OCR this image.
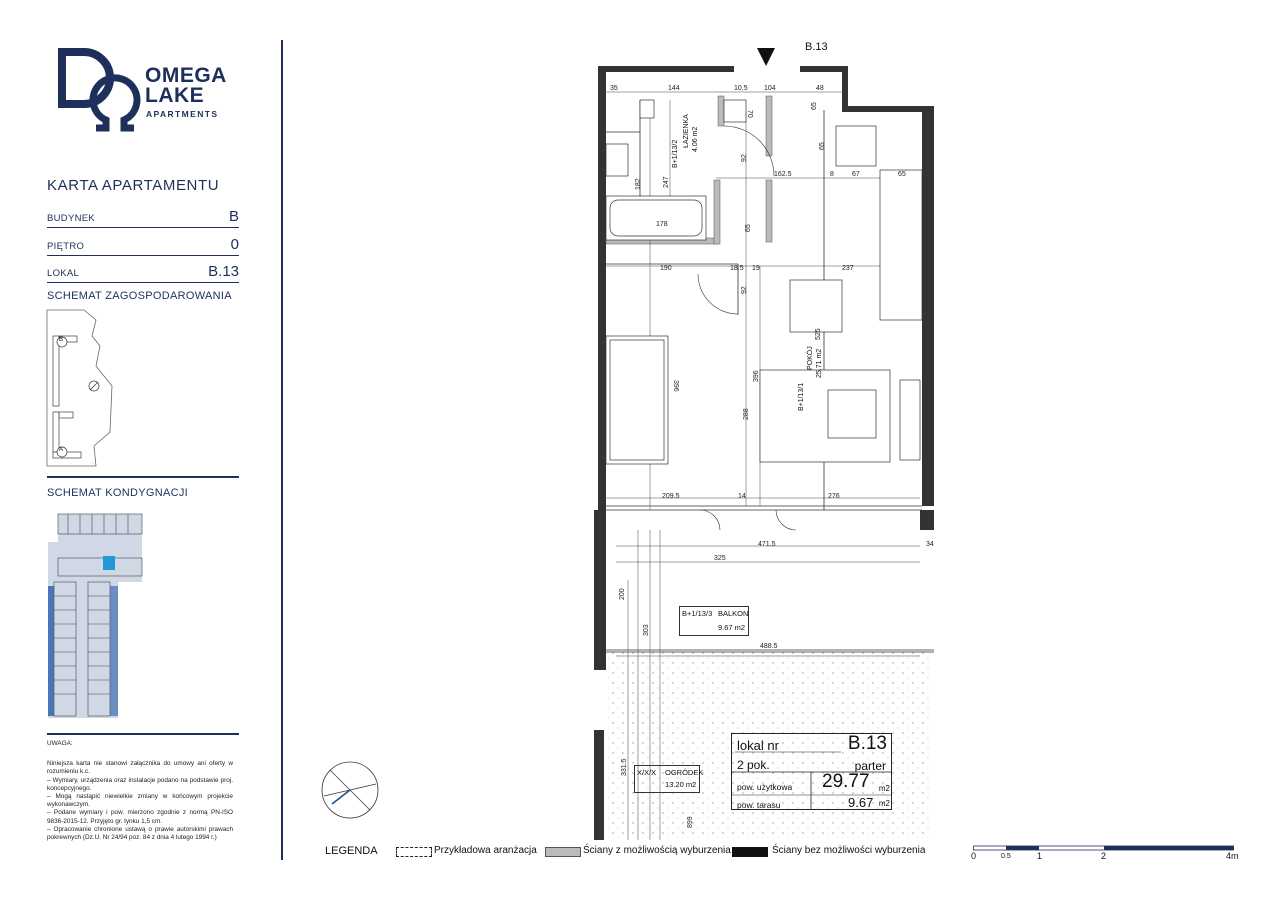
OMEGA
LAKE
APARTMENTS
KARTA APARTAMENTU
BUDYNEK	B
PIĘTRO	0
LOKAL	B.13
SCHEMAT ZAGOSPODAROWANIA
B
A
SCHEMAT KONDYGNACJI
UWAGA:
Niniejsza karta nie stanowi załącznika do umowy ani oferty w rozumieniu k.c.
– Wymiary, urządzenia oraz instalacje podano na podstawie proj. koncepcyjnego.
– Mogą nastąpić niewielkie zmiany w końcowym projekcie wykonawczym.
– Podane wymiary i pow. mierzono zgodnie z normą PN-ISO 9836-2015-12. Przyjęto gr. tynku 1,5 cm.
– Opracowanie chronione ustawą o prawie autorskimi prawach pokrewnych (Dz.U. Nr 24/94 poz. 84 z dnia 4 lutego 1994 r.)
35	144	10.5 104	48
70
65
65
247
182
92
162.5	8	67	65
178	65
190	18.5 19	237
92
396
396
525
288
209.5	14	276
471.5
325
200
303
488.5
331.5
899
34
B.13
B+1/13/2
ŁAZIENKA 4.06 m2
B+1/13/1
POKÓJ 25.71 m2
B+1/13/3 BALKON
9.67 m2
X/X/X OGRÓDEK
13.20 m2
lokal nr	B.13
2 pok.	parter
pow. użytkowa 29.77 m2
pow. tarasu	9.67 m2
LEGENDA	Przykładowa aranżacja	Ściany z możliwością wyburzenia	Ściany bez możliwości wyburzenia	0	0.5	1	2	4m
